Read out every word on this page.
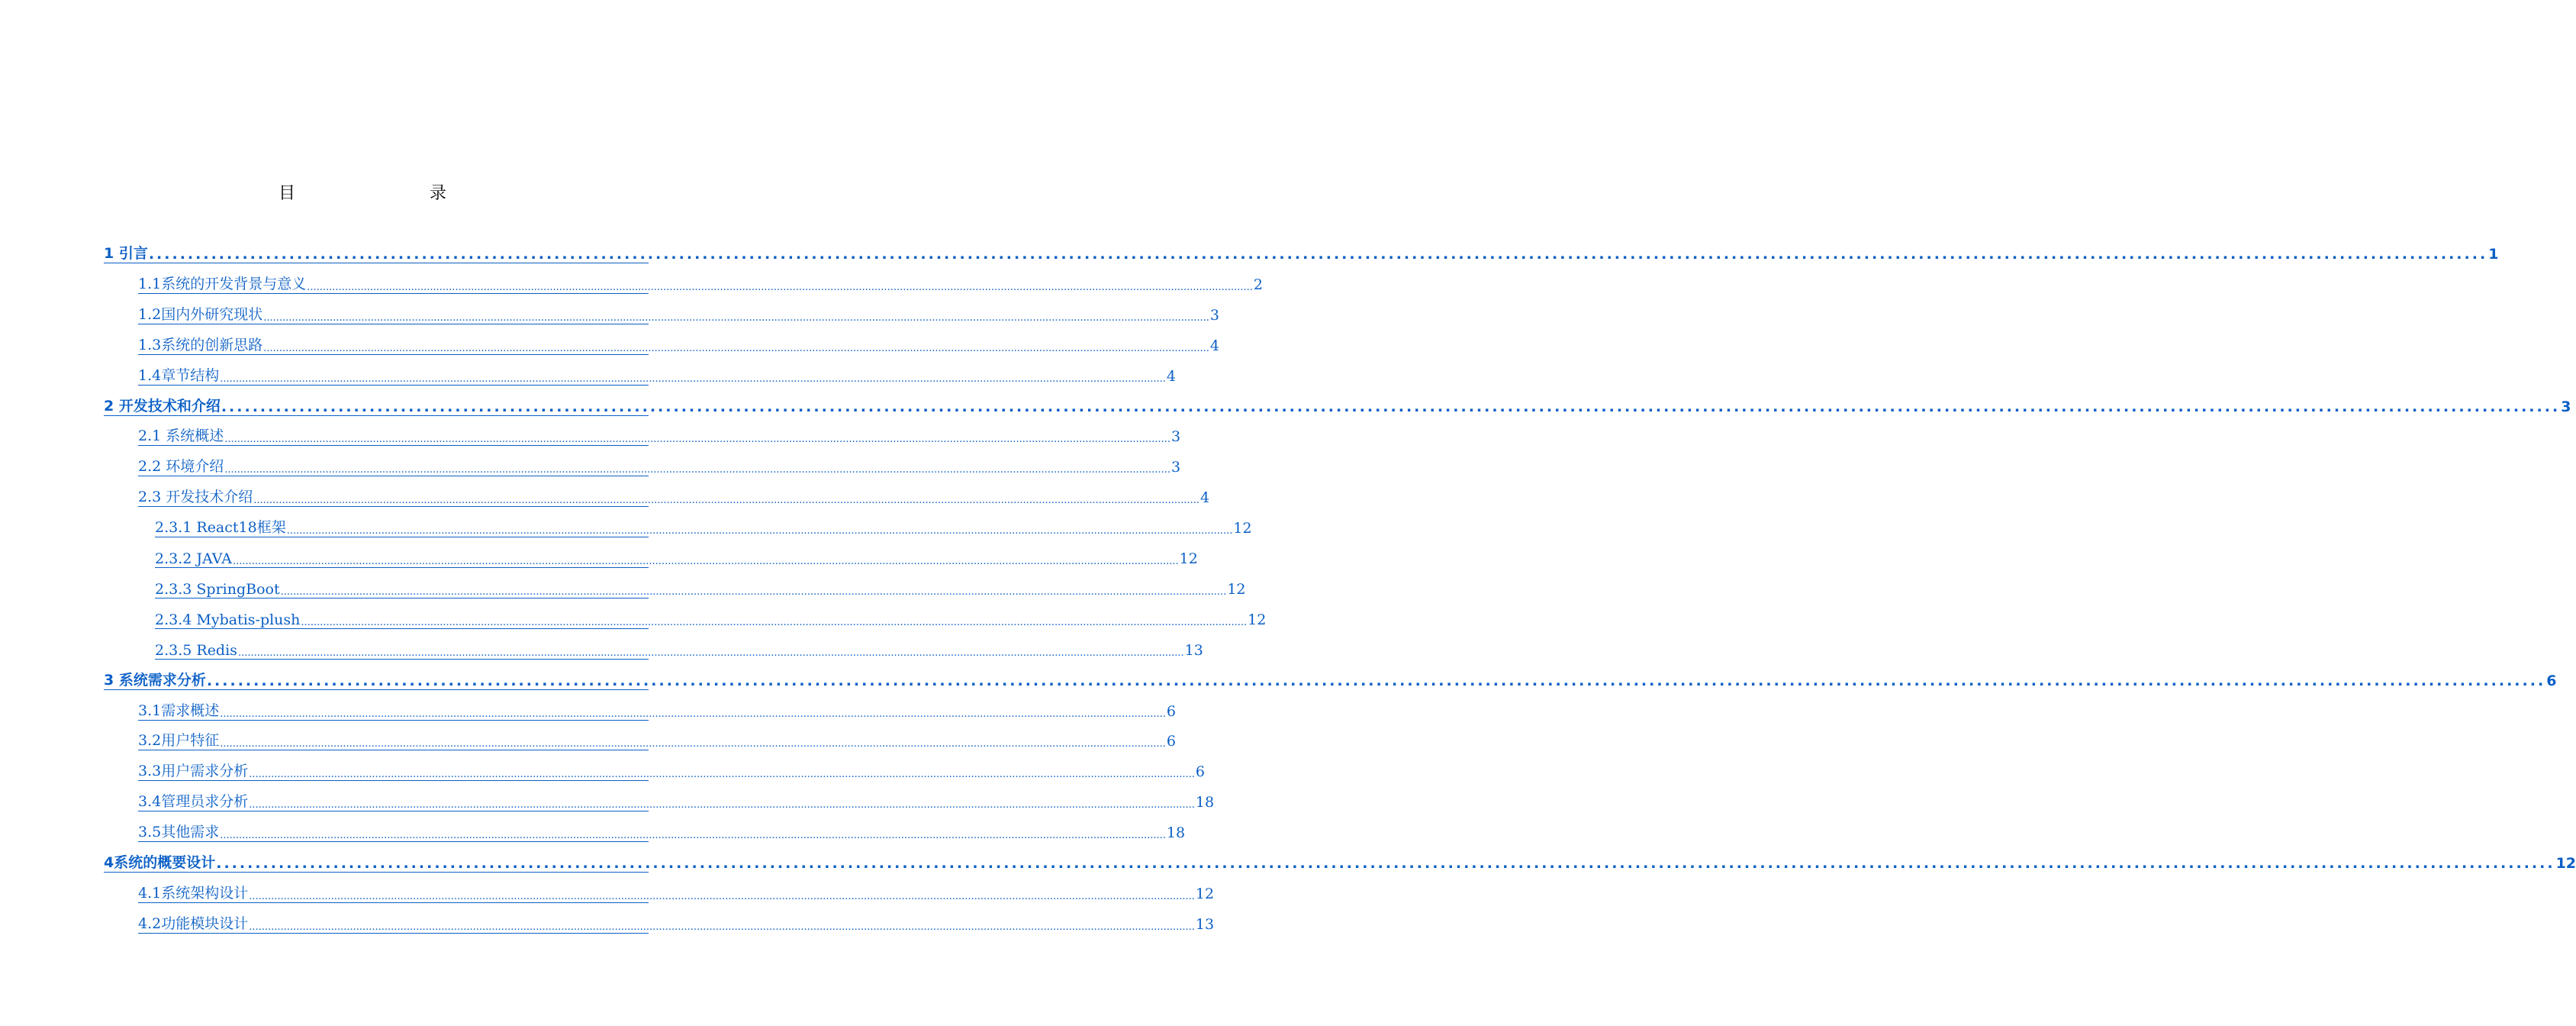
目　　录
1 引言 ............................................................................................................................................................................................................................................................................................................ 1
1.1系统的开发背景与意义 ............................................................................................................................................................................................................................................................................................................ 2
1.2国内外研究现状 ............................................................................................................................................................................................................................................................................................................ 3
1.3系统的创新思路 ............................................................................................................................................................................................................................................................................................................ 4
1.4章节结构 ............................................................................................................................................................................................................................................................................................................ 4
2 开发技术和介绍 ............................................................................................................................................................................................................................................................................................................ 3
2.1 系统概述 ............................................................................................................................................................................................................................................................................................................ 3
2.2 环境介绍 ............................................................................................................................................................................................................................................................................................................ 3
2.3 开发技术介绍 ............................................................................................................................................................................................................................................................................................................ 4
2.3.1 React18框架 ............................................................................................................................................................................................................................................................................................................ 12
2.3.2 JAVA ............................................................................................................................................................................................................................................................................................................ 12
2.3.3 SpringBoot ............................................................................................................................................................................................................................................................................................................ 12
2.3.4 Mybatis-plush ............................................................................................................................................................................................................................................................................................................ 12
2.3.5 Redis ............................................................................................................................................................................................................................................................................................................ 13
3 系统需求分析 ............................................................................................................................................................................................................................................................................................................ 6
3.1需求概述 ............................................................................................................................................................................................................................................................................................................ 6
3.2用户特征 ............................................................................................................................................................................................................................................................................................................ 6
3.3用户需求分析 ............................................................................................................................................................................................................................................................................................................ 6
3.4管理员求分析 ............................................................................................................................................................................................................................................................................................................ 18
3.5其他需求 ............................................................................................................................................................................................................................................................................................................ 18
4系统的概要设计 ............................................................................................................................................................................................................................................................................................................ 12
4.1系统架构设计 ............................................................................................................................................................................................................................................................................................................ 12
4.2功能模块设计 ............................................................................................................................................................................................................................................................................................................ 13
